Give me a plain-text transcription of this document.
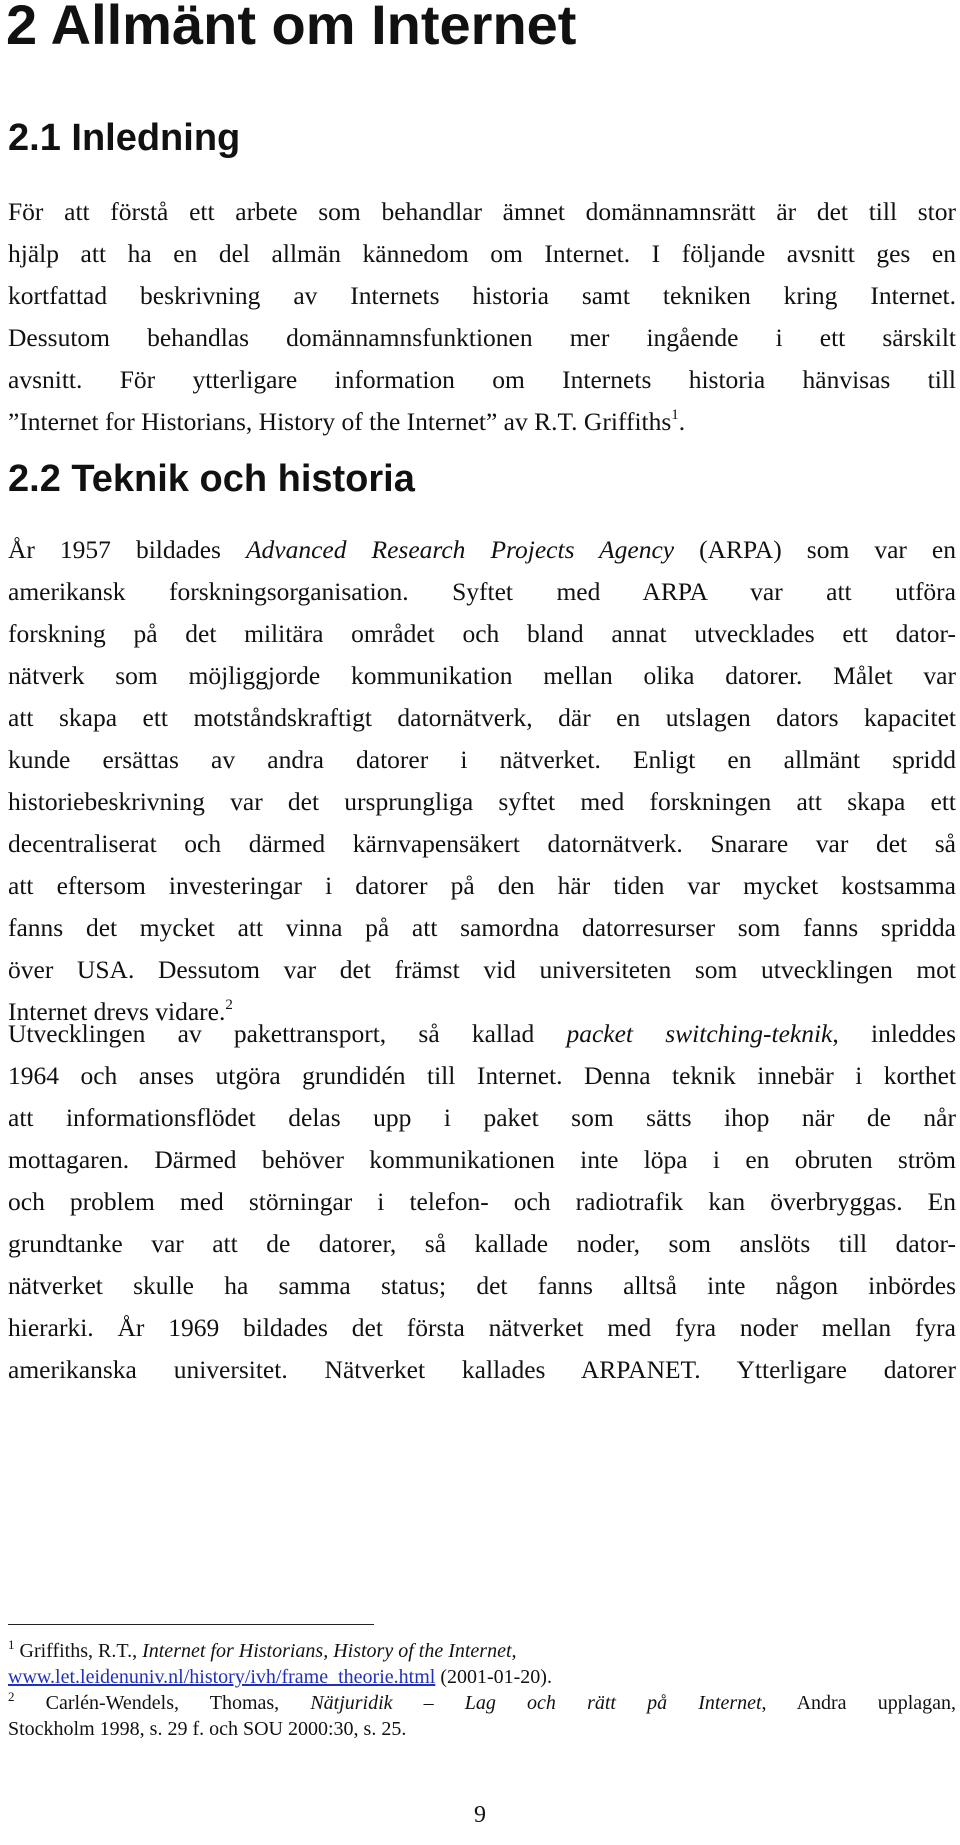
2 Allmänt om Internet
2.1 Inledning
För att förstå ett arbete som behandlar ämnet domännamnsrätt är det till stor
hjälp att ha en del allmän kännedom om Internet. I följande avsnitt ges en
kortfattad beskrivning av Internets historia samt tekniken kring Internet.
Dessutom behandlas domännamnsfunktionen mer ingående i ett särskilt
avsnitt. För ytterligare information om Internets historia hänvisas till
”Internet for Historians, History of the Internet” av R.T. Griffiths$^1$.
2.2 Teknik och historia
År 1957 bildades Advanced Research Projects Agency (ARPA) som var en
amerikansk forskningsorganisation. Syftet med ARPA var att utföra
forskning på det militära området och bland annat utvecklades ett dator-
nätverk som möjliggjorde kommunikation mellan olika datorer. Målet var
att skapa ett motståndskraftigt datornätverk, där en utslagen dators kapacitet
kunde ersättas av andra datorer i nätverket. Enligt en allmänt spridd
historiebeskrivning var det ursprungliga syftet med forskningen att skapa ett
decentraliserat och därmed kärnvapensäkert datornätverk. Snarare var det så
att eftersom investeringar i datorer på den här tiden var mycket kostsamma
fanns det mycket att vinna på att samordna datorresurser som fanns spridda
över USA. Dessutom var det främst vid universiteten som utvecklingen mot
Internet drevs vidare.$^2$
Utvecklingen av pakettransport, så kallad packet switching-teknik, inleddes
1964 och anses utgöra grundidén till Internet. Denna teknik innebär i korthet
att informationsflödet delas upp i paket som sätts ihop när de når
mottagaren. Därmed behöver kommunikationen inte löpa i en obruten ström
och problem med störningar i telefon- och radiotrafik kan överbryggas. En
grundtanke var att de datorer, så kallade noder, som anslöts till dator-
nätverket skulle ha samma status; det fanns alltså inte någon inbördes
hierarki. År 1969 bildades det första nätverket med fyra noder mellan fyra
amerikanska universitet. Nätverket kallades ARPANET. Ytterligare datorer
$^1$ Griffiths, R.T., Internet for Historians, History of the Internet,
www.let.leidenuniv.nl/history/ivh/frame_theorie.html (2001-01-20).
$^2$ Carlén-Wendels, Thomas, Nätjuridik – Lag och rätt på Internet, Andra upplagan,
Stockholm 1998, s. 29 f. och SOU 2000:30, s. 25.
9
